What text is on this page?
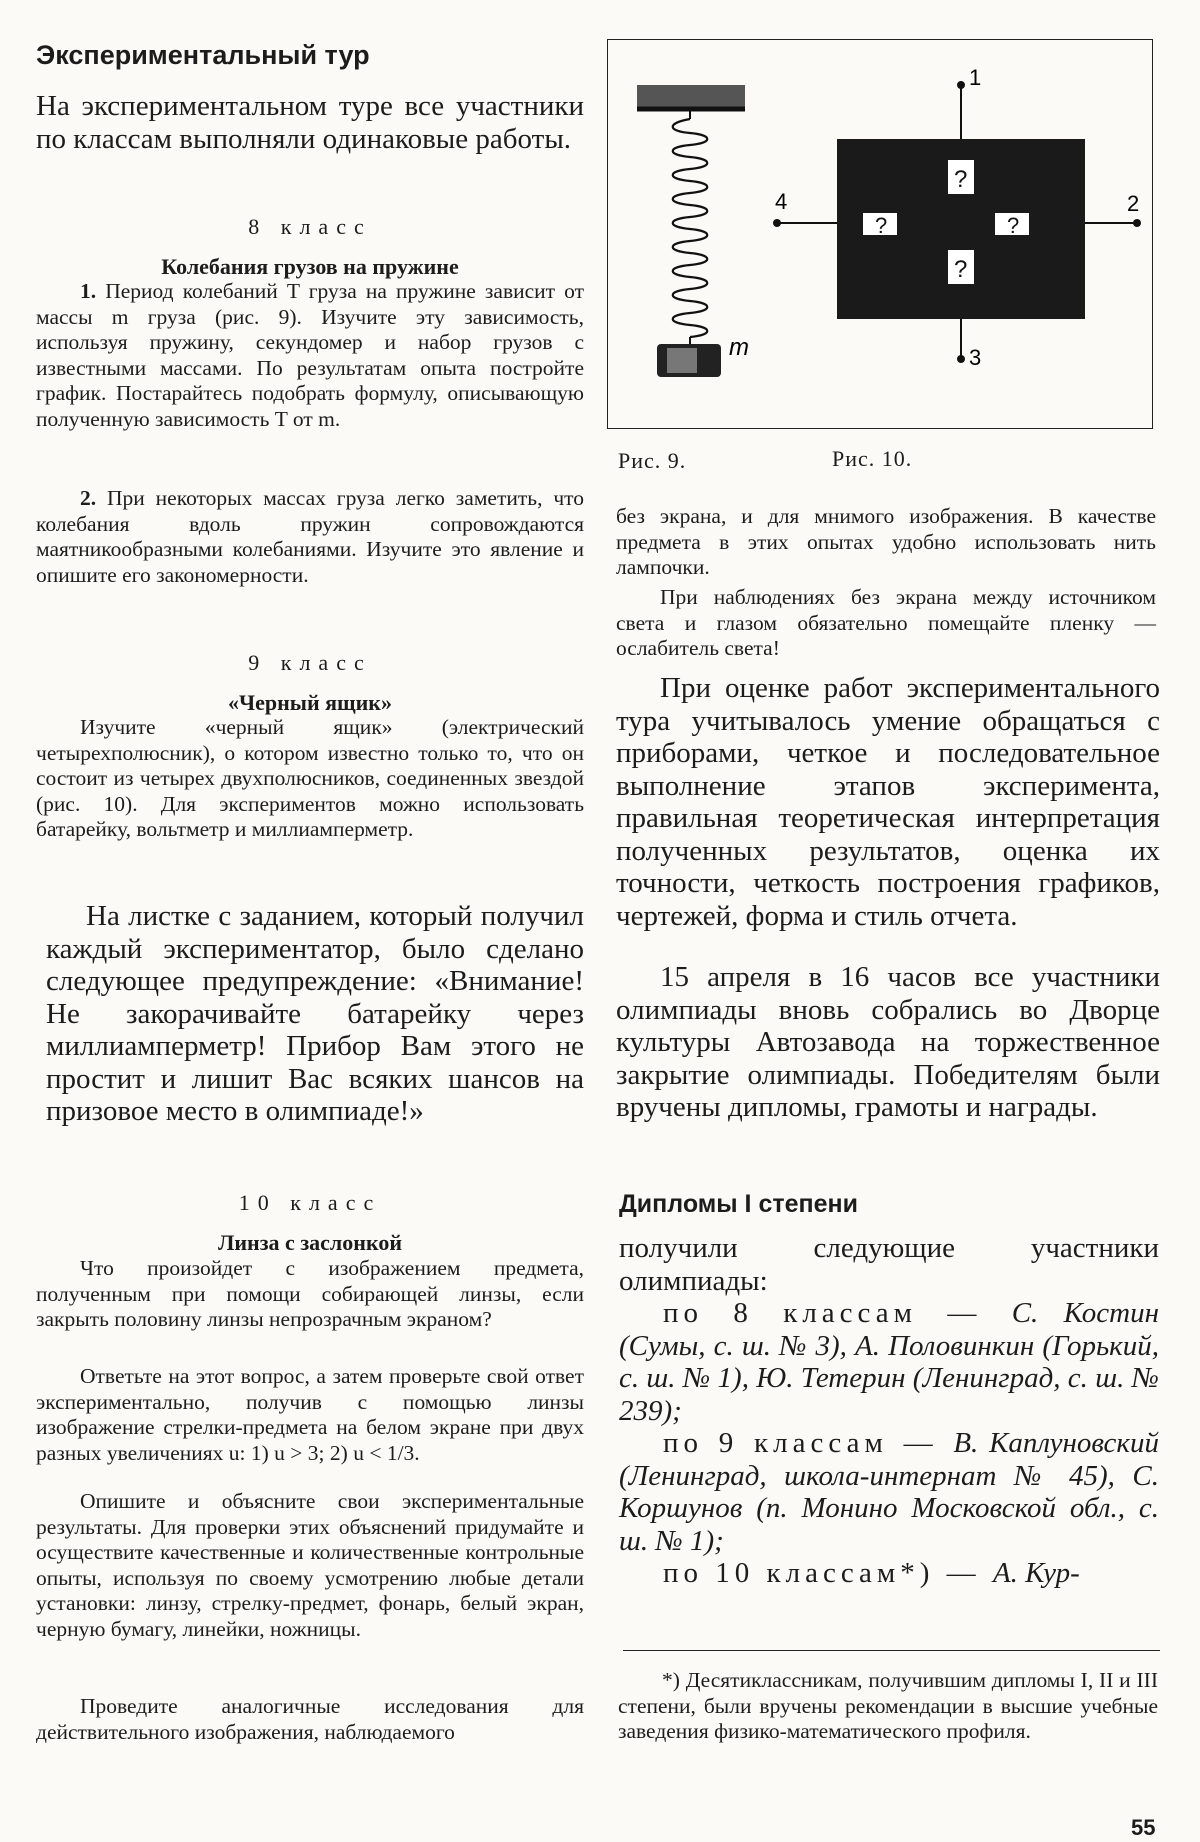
Экспериментальный тур

На экспериментальном туре все участники по классам выполняли одинаковые работы.

8 класс
Колебания грузов на пружине

1. Период колебаний T груза на пружине зависит от массы m груза (рис. 9). Изучите эту зависимость, используя пружину, секундомер и набор грузов с известными массами. По результатам опыта постройте график. Постарайтесь подобрать формулу, описывающую полученную зависимость T от m.

2. При некоторых массах груза легко заметить, что колебания вдоль пружин сопровождаются маятникообразными колебаниями. Изучите это явление и опишите его закономерности.

9 класс
«Черный ящик»

Изучите «черный ящик» (электрический четырехполюсник), о котором известно только то, что он состоит из четырех двухполюсников, соединенных звездой (рис. 10). Для экспериментов можно использовать батарейку, вольтметр и миллиамперметр.

На листке с заданием, который получил каждый экспериментатор, было сделано следующее предупреждение: «Внимание! Не закорачивайте батарейку через миллиамперметр! Прибор Вам этого не простит и лишит Вас всяких шансов на призовое место в олимпиаде!»

10 класс
Линза с заслонкой

Что произойдет с изображением предмета, полученным при помощи собирающей линзы, если закрыть половину линзы непрозрачным экраном?

Ответьте на этот вопрос, а затем проверьте свой ответ экспериментально, получив с помощью линзы изображение стрелки-предмета на белом экране при двух разных увеличениях u: 1) u > 3; 2) u < 1/3.

Опишите и объясните свои экспериментальные результаты. Для проверки этих объяснений придумайте и осуществите качественные и количественные контрольные опыты, используя по своему усмотрению любые детали установки: линзу, стрелку-предмет, фонарь, белый экран, черную бумагу, линейки, ножницы.

Проведите аналогичные исследования для действительного изображения, наблюдаемого

m
1
3
4	2
?
?
?	?
Рис. 9.	Рис. 10.

без экрана, и для мнимого изображения. В качестве предмета в этих опытах удобно использовать нить лампочки.

При наблюдениях без экрана между источником света и глазом обязательно помещайте пленку — ослабитель света!

При оценке работ экспериментального тура учитывалось умение обращаться с приборами, четкое и последовательное выполнение этапов эксперимента, правильная теоретическая интерпретация полученных результатов, оценка их точности, четкость построения графиков, чертежей, форма и стиль отчета.

15 апреля в 16 часов все участники олимпиады вновь собрались во Дворце культуры Автозавода на торжественное закрытие олимпиады. Победителям были вручены дипломы, грамоты и награды.

Дипломы I степени

получили следующие участники олимпиады:

по 8 классам — С. Костин (Сумы, с. ш. № 3), А. Половинкин (Горький, с. ш. № 1), Ю. Тетерин (Ленинград, с. ш. № 239);

по 9 классам — В. Каплуновский (Ленинград, школа-интернат № 45), С. Коршунов (п. Монино Московской обл., с. ш. № 1);

по 10 классам*) — А. Кур-

*) Десятиклассникам, получившим дипломы I, II и III степени, были вручены рекомендации в высшие учебные заведения физико-математического профиля.

55
